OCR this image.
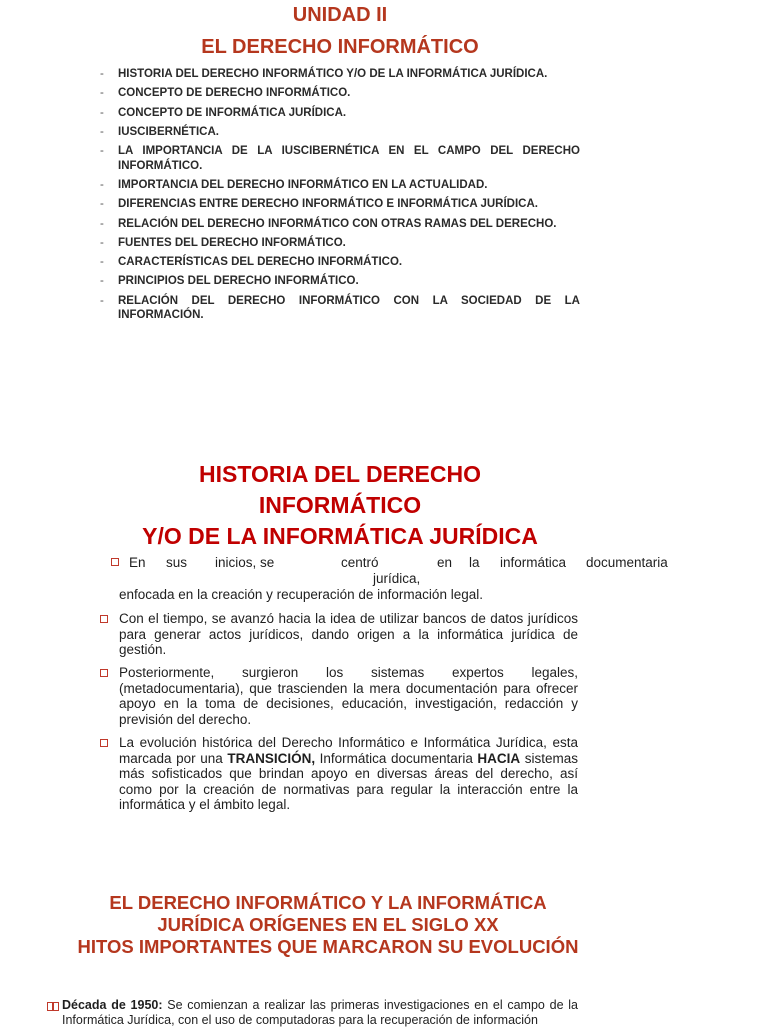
UNIDAD II
EL DERECHO INFORMÁTICO
-	HISTORIA DEL DERECHO INFORMÁTICO Y/O DE LA INFORMÁTICA JURÍDICA.
-	CONCEPTO DE DERECHO INFORMÁTICO.
-	CONCEPTO DE INFORMÁTICA JURÍDICA.
-	IUSCIBERNÉTICA.
-	LA IMPORTANCIA DE LA IUSCIBERNÉTICA EN EL CAMPO DEL DERECHO INFORMÁTICO.
-	IMPORTANCIA DEL DERECHO INFORMÁTICO EN LA ACTUALIDAD.
-	DIFERENCIAS ENTRE DERECHO INFORMÁTICO E INFORMÁTICA JURÍDICA.
-	RELACIÓN DEL DERECHO INFORMÁTICO CON OTRAS RAMAS DEL DERECHO.
-	FUENTES DEL DERECHO INFORMÁTICO.
-	CARACTERÍSTICAS DEL DERECHO INFORMÁTICO.
-	PRINCIPIOS DEL DERECHO INFORMÁTICO.
-	RELACIÓN DEL DERECHO INFORMÁTICO CON LA SOCIEDAD DE LA INFORMACIÓN.
HISTORIA DEL DERECHO
INFORMÁTICO
Y/O DE LA INFORMÁTICA JURÍDICA
En sus inicios, se	centró	en la informática documentaria
jurídica,
enfocada en la creación y recuperación de información legal.
Con el tiempo, se avanzó hacia la idea de utilizar bancos de datos jurídicos para generar actos jurídicos, dando origen a la informática jurídica de gestión.
Posteriormente, surgieron los sistemas expertos legales, (metadocumentaria), que trascienden la mera documentación para ofrecer apoyo en la toma de decisiones, educación, investigación, redacción y previsión del derecho.
La evolución histórica del Derecho Informático e Informática Jurídica, esta marcada por una TRANSICIÓN, Informática documentaria HACIA sistemas más sofisticados que brindan apoyo en diversas áreas del derecho, así como por la creación de normativas para regular la interacción entre la informática y el ámbito legal.
EL DERECHO INFORMÁTICO Y LA INFORMÁTICA
JURÍDICA ORÍGENES EN EL SIGLO XX
HITOS IMPORTANTES QUE MARCARON SU EVOLUCIÓN
Década de 1950: Se comienzan a realizar las primeras investigaciones en el campo de la Informática Jurídica, con el uso de computadoras para la recuperación de información
